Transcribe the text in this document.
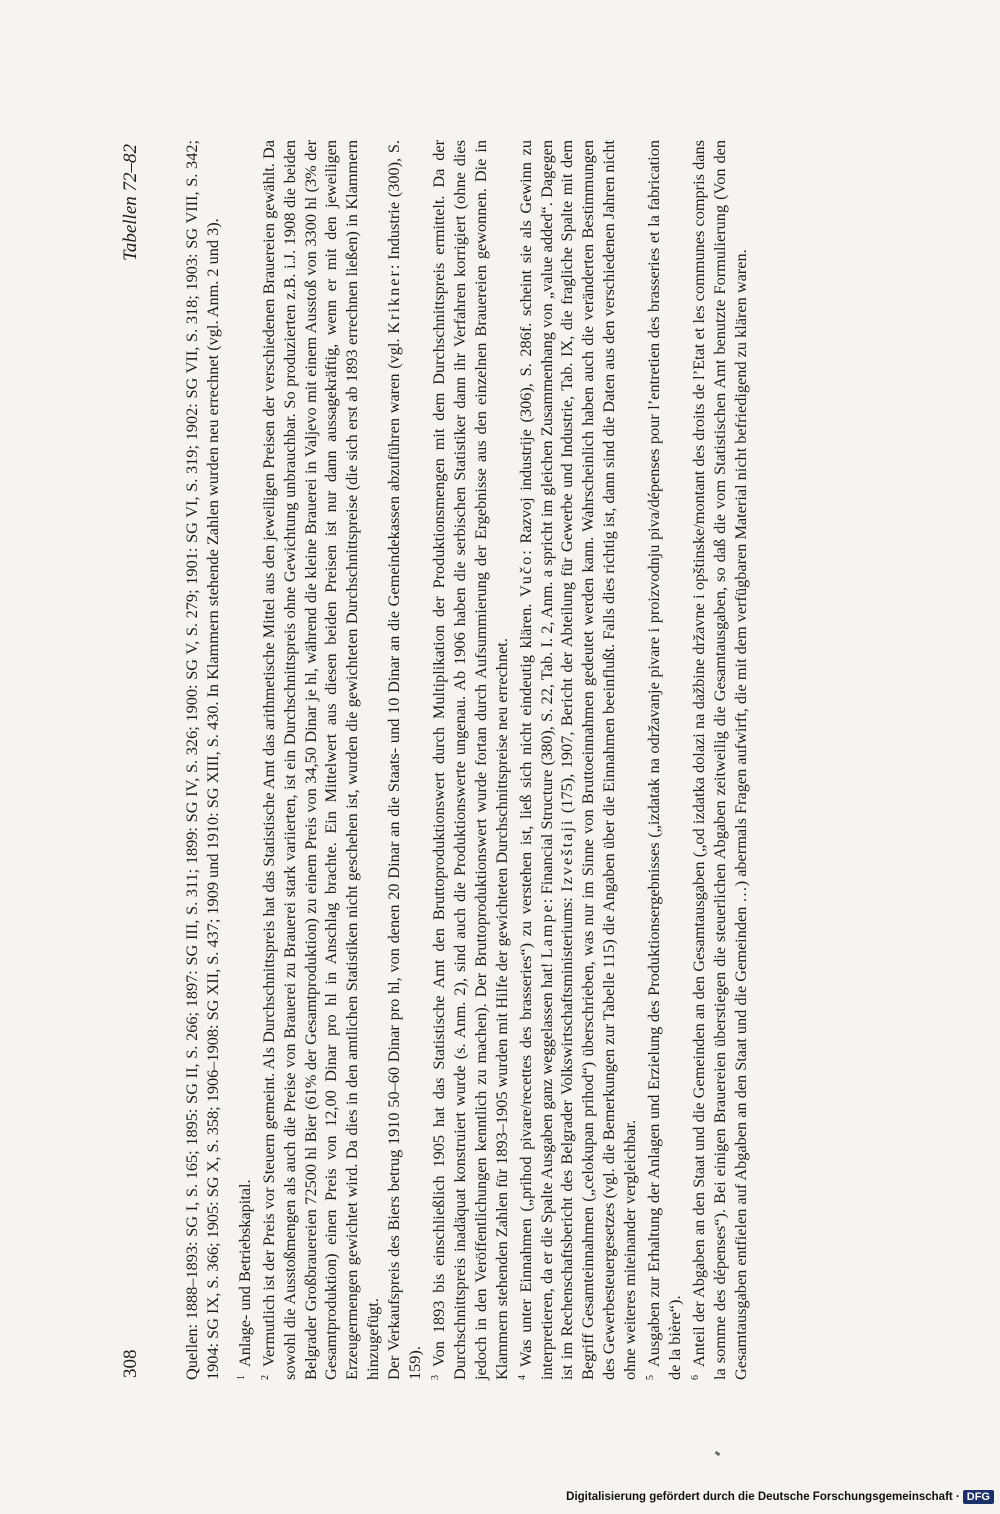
308
Tabellen 72–82	Quellen: 1888–1893: SG I, S. 165; 1895: SG II, S. 266; 1897: SG III, S. 311; 1899: SG IV, S. 326; 1900: SG V, S. 279; 1901: SG VI, S. 319; 1902: SG VII, S. 318; 1903: SG VIII, S. 342; 1904: SG IX, S. 366; 1905: SG X, S. 358; 1906–1908: SG XII, S. 437; 1909 und 1910: SG XIII, S. 430. In Klammern stehende Zahlen wurden neu errechnet (vgl. Anm. 2 und 3).	$^1$Anlage- und Betriebskapital.

$^2$Vermutlich ist der Preis vor Steuern gemeint. Als Durchschnittspreis hat das Statistische Amt das arithmetische Mittel aus den jeweiligen Preisen der verschiedenen Brauereien gewählt. Da sowohl die Ausstoßmengen als auch die Preise von Brauerei zu Brauerei stark variierten, ist ein Durchschnittspreis ohne Gewichtung unbrauchbar. So produzierten z.B. i.J. 1908 die beiden Belgrader Großbrauereien 72500 hl Bier (61% der Gesamtproduktion) zu einem Preis von 34,50 Dinar je hl, während die kleine Brauerei in Valjevo mit einem Ausstoß von 3300 hl (3% der Gesamtproduktion) einen Preis von 12,00 Dinar pro hl in Anschlag brachte. Ein Mittelwert aus diesen beiden Preisen ist nur dann aussagekräftig, wenn er mit den jeweiligen Erzeugermengen gewichtet wird. Da dies in den amtlichen Statistiken nicht geschehen ist, wurden die gewichteten Durchschnittspreise (die sich erst ab 1893 errechnen ließen) in Klammern hinzugefügt. Der Verkaufspreis des Biers betrug 1910 50–60 Dinar pro hl, von denen 20 Dinar an die Staats- und 10 Dinar an die Gemeindekassen abzuführen waren (vgl. Krikner: Industrie (300), S. 159). $^3$Von 1893 bis einschließlich 1905 hat das Statistische Amt den Bruttoproduktionswert durch Multiplikation der Produktionsmengen mit dem Durchschnittspreis ermittelt. Da der Durchschnittspreis inadäquat konstruiert wurde (s. Anm. 2), sind auch die Produktionswerte ungenau. Ab 1906 haben die serbischen Statistiker dann ihr Verfahren korrigiert (ohne dies jedoch in den Veröffentlichungen kenntlich zu machen). Der Bruttoproduktionswert wurde fortan durch Aufsummierung der Ergebnisse aus den einzelnen Brauereien gewonnen. Die in Klammern stehenden Zahlen für 1893–1905 wurden mit Hilfe der gewichteten Durchschnittspreise neu errechnet. $^4$Was unter Einnahmen („prihod pivare/recettes des brasseries“) zu verstehen ist, ließ sich nicht eindeutig klären. Vučo: Razvoj industrije (306), S. 286f. scheint sie als Gewinn zu interpretieren, da er die Spalte Ausgaben ganz weggelassen hat! Lampe: Financial Structure (380), S. 22, Tab. I. 2, Anm. a spricht im gleichen Zusammenhang von „value added“. Dagegen ist im Rechenschaftsbericht des Belgrader Volkswirtschaftsministeriums: Izveštaji (175), 1907, Bericht der Abteilung für Gewerbe und Industrie, Tab. IX, die fragliche Spalte mit dem Begriff Gesamteinnahmen („celokupan prihod“) überschrieben, was nur im Sinne von Bruttoeinnahmen gedeutet werden kann. Wahrscheinlich haben auch die veränderten Bestimmungen des Gewerbesteuergesetzes (vgl. die Bemerkungen zur Tabelle 115) die Angaben über die Einnahmen beeinflußt. Falls dies richtig ist, dann sind die Daten aus den verschiedenen Jahren nicht ohne weiteres miteinander vergleichbar. $^5$Ausgaben zur Erhaltung der Anlagen und Erzielung des Produktionsergebnisses („izdatak na održavanje pivare i proizvodnju piva/dépenses pour l’entretien des brasseries et la fabrication de la bière“). $^6$Anteil der Abgaben an den Staat und die Gemeinden an den Gesamtausgaben („od izdatka dolazi na dažbine državne i opštinske/montant des droits de l’Etat et les communes compris dans la somme des dépenses“). Bei einigen Brauereien überstiegen die steuerlichen Abgaben zeitweilig die Gesamtausgaben, so daß die vom Statistischen Amt benutzte Formulierung (Von den Gesamtausgaben entfielen auf Abgaben an den Staat und die Gemeinden …) abermals Fragen aufwirft, die mit dem verfügbaren Material nicht befriedigend zu klären waren.

Digitalisierung gefördert durch die Deutsche Forschungsgemeinschaft · DFG
